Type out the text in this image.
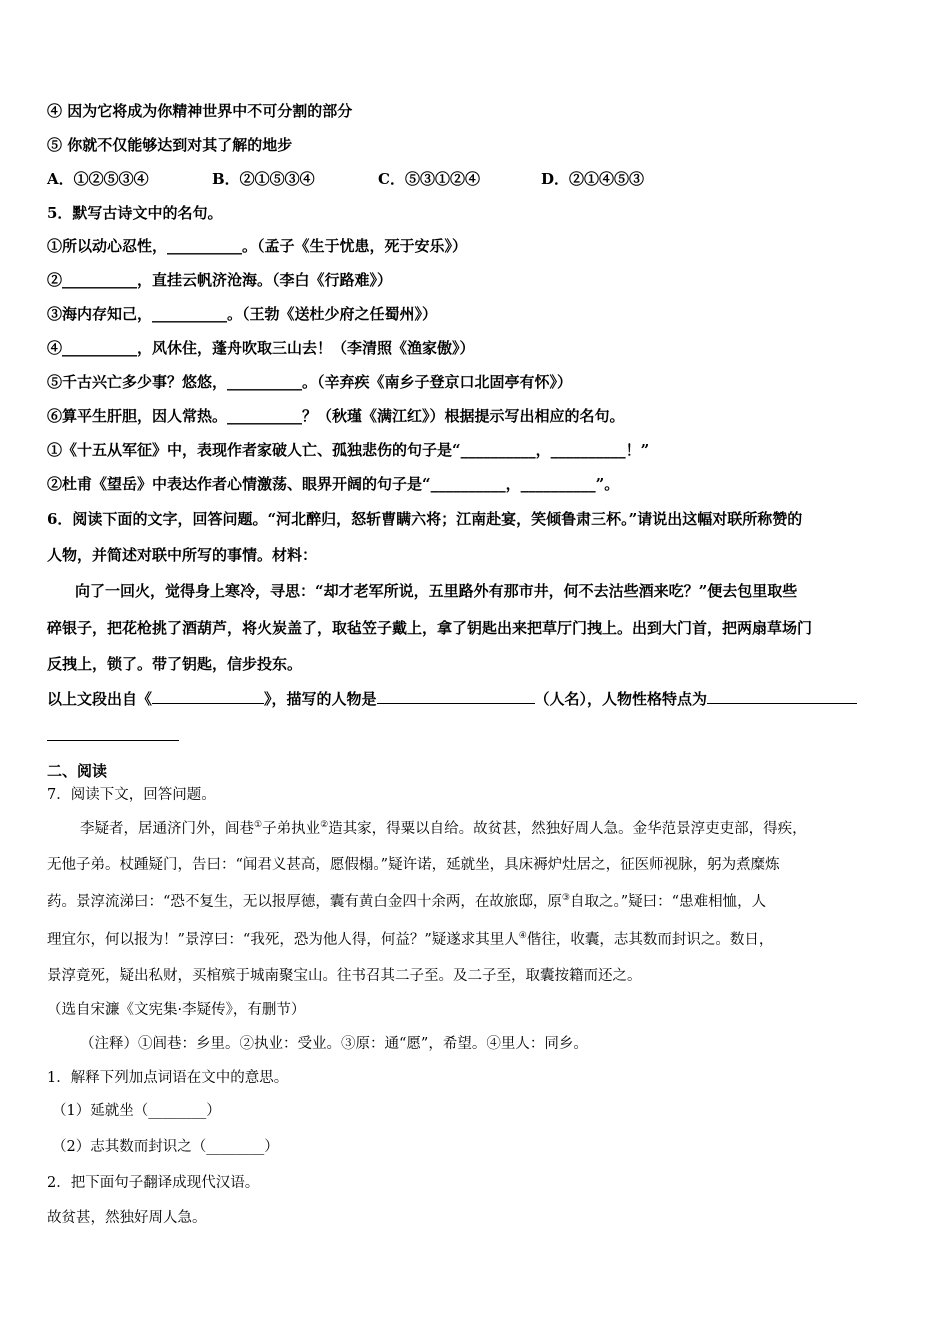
④ 因为它将成为你精神世界中不可分割的部分
⑤ 你就不仅能够达到对其了解的地步
A．①②⑤③④	B．②①⑤③④	C．⑤③①②④	D．②①④⑤③
5．默写古诗文中的名句。
①所以动心忍性，__________。（孟子《生于忧患，死于安乐》）
②__________，直挂云帆济沧海。（李白《行路难》）
③海内存知己，__________。（王勃《送杜少府之任蜀州》）
④__________，风休住，蓬舟吹取三山去！（李清照《渔家傲》）
⑤千古兴亡多少事？悠悠，__________。（辛弃疾《南乡子登京口北固亭有怀》）
⑥算平生肝胆，因人常热。__________？（秋瑾《满江红》）根据提示写出相应的名句。
①《十五从军征》中，表现作者家破人亡、孤独悲伤的句子是“__________，__________！”
②杜甫《望岳》中表达作者心情激荡、眼界开阔的句子是“__________，__________”。
6．阅读下面的文字，回答问题。“河北醉归，怒斩曹瞒六将；江南赴宴，笑倾鲁肃三杯。”请说出这幅对联所称赞的
人物，并简述对联中所写的事情。材料：
向了一回火，觉得身上寒冷，寻思：“却才老军所说，五里路外有那市井，何不去沽些酒来吃？”便去包里取些
碎银子，把花枪挑了酒葫芦，将火炭盖了，取毡笠子戴上，拿了钥匙出来把草厅门拽上。出到大门首，把两扇草场门
反拽上，锁了。带了钥匙，信步投东。
以上文段出自《	》，描写的人物是	（人名），人物性格特点为
二、阅读
7．阅读下文，回答问题。
李疑者，居通济门外，闾巷①子弟执业②造其家，得粟以自给。故贫甚，然独好周人急。金华范景淳吏吏部，得疾，
无他子弟。杖踵疑门，告曰：“闻君义甚高，愿假榻。”疑许诺，延就坐，具床褥炉灶居之，征医师视脉，躬为煮糜炼
药。景淳流涕曰：“恐不复生，无以报厚德，囊有黄白金四十余两，在故旅邸，原③自取之。”疑曰：“患难相恤，人
理宜尔，何以报为！”景淳曰：“我死，恐为他人得，何益？”疑遂求其里人④偕往，收囊，志其数而封识之。数日，
景淳竟死，疑出私财，买棺殡于城南聚宝山。往书召其二子至。及二子至，取囊按籍而还之。
（选自宋濂《文宪集·李疑传》，有删节）
（注释）①闾巷：乡里。②执业：受业。③原：通“愿”，希望。④里人：同乡。
1．解释下列加点词语在文中的意思。
（1）延就坐（________）
（2）志其数而封识之（________）
2．把下面句子翻译成现代汉语。
故贫甚，然独好周人急。
